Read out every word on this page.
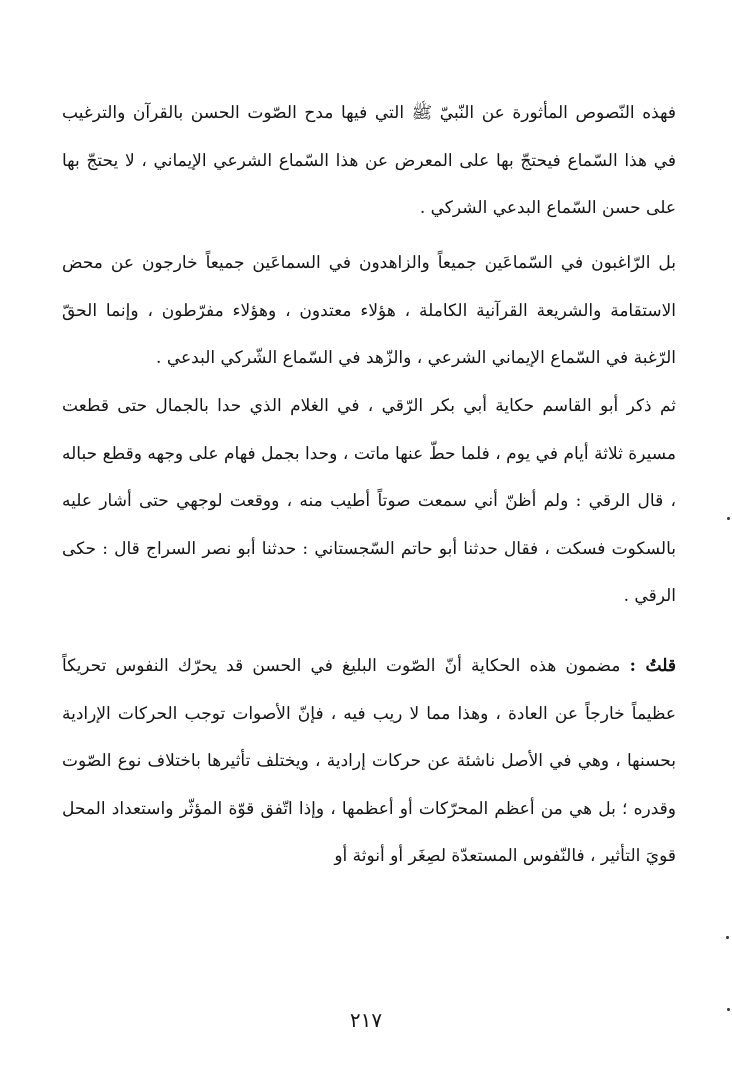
فهذه النّصوص المأثورة عن النّبيّ ﷺ التي فيها مدح الصّوت الحسن بالقرآن والترغيب في هذا السّماع فيحتجّ بها على المعرض عن هذا السّماع الشرعي الإيماني ، لا يحتجّ بها على حسن السّماع البدعي الشركي .

بل الرّاغبون في السّماعَين جميعاً والزاهدون في السماعَين جميعاً خارجون عن محض الاستقامة والشريعة القرآنية الكاملة ، هؤلاء معتدون ، وهؤلاء مفرّطون ، وإنما الحقّ الرّغبة في السّماع الإيماني الشرعي ، والزّهد في السّماع الشّركي البدعي .

ثم ذكر أبو القاسم حكاية أبي بكر الرّقي ، في الغلام الذي حدا بالجمال حتى قطعت مسيرة ثلاثة أيام في يوم ، فلما حطّ عنها ماتت ، وحدا بجمل فهام على وجهه وقطع حباله ، قال الرقي : ولم أظنّ أني سمعت صوتاً أطيب منه ، ووقعت لوجهي حتى أشار عليه بالسكوت فسكت ، فقال حدثنا أبو حاتم السّجستاني : حدثنا أبو نصر السراج قال : حكى الرقي .

قلتُ : مضمون هذه الحكاية أنّ الصّوت البليغ في الحسن قد يحرّك النفوس تحريكاً عظيماً خارجاً عن العادة ، وهذا مما لا ريب فيه ، فإنّ الأصوات توجب الحركات الإرادية بحسنها ، وهي في الأصل ناشئة عن حركات إرادية ، ويختلف تأثيرها باختلاف نوع الصّوت وقدره ؛ بل هي من أعظم المحرّكات أو أعظمها ، وإذا اتّفق قوّة المؤثّر واستعداد المحل قويَ التأثير ، فالنّفوس المستعدّة لصِغَر أو أنوثة أو

٢١٧
